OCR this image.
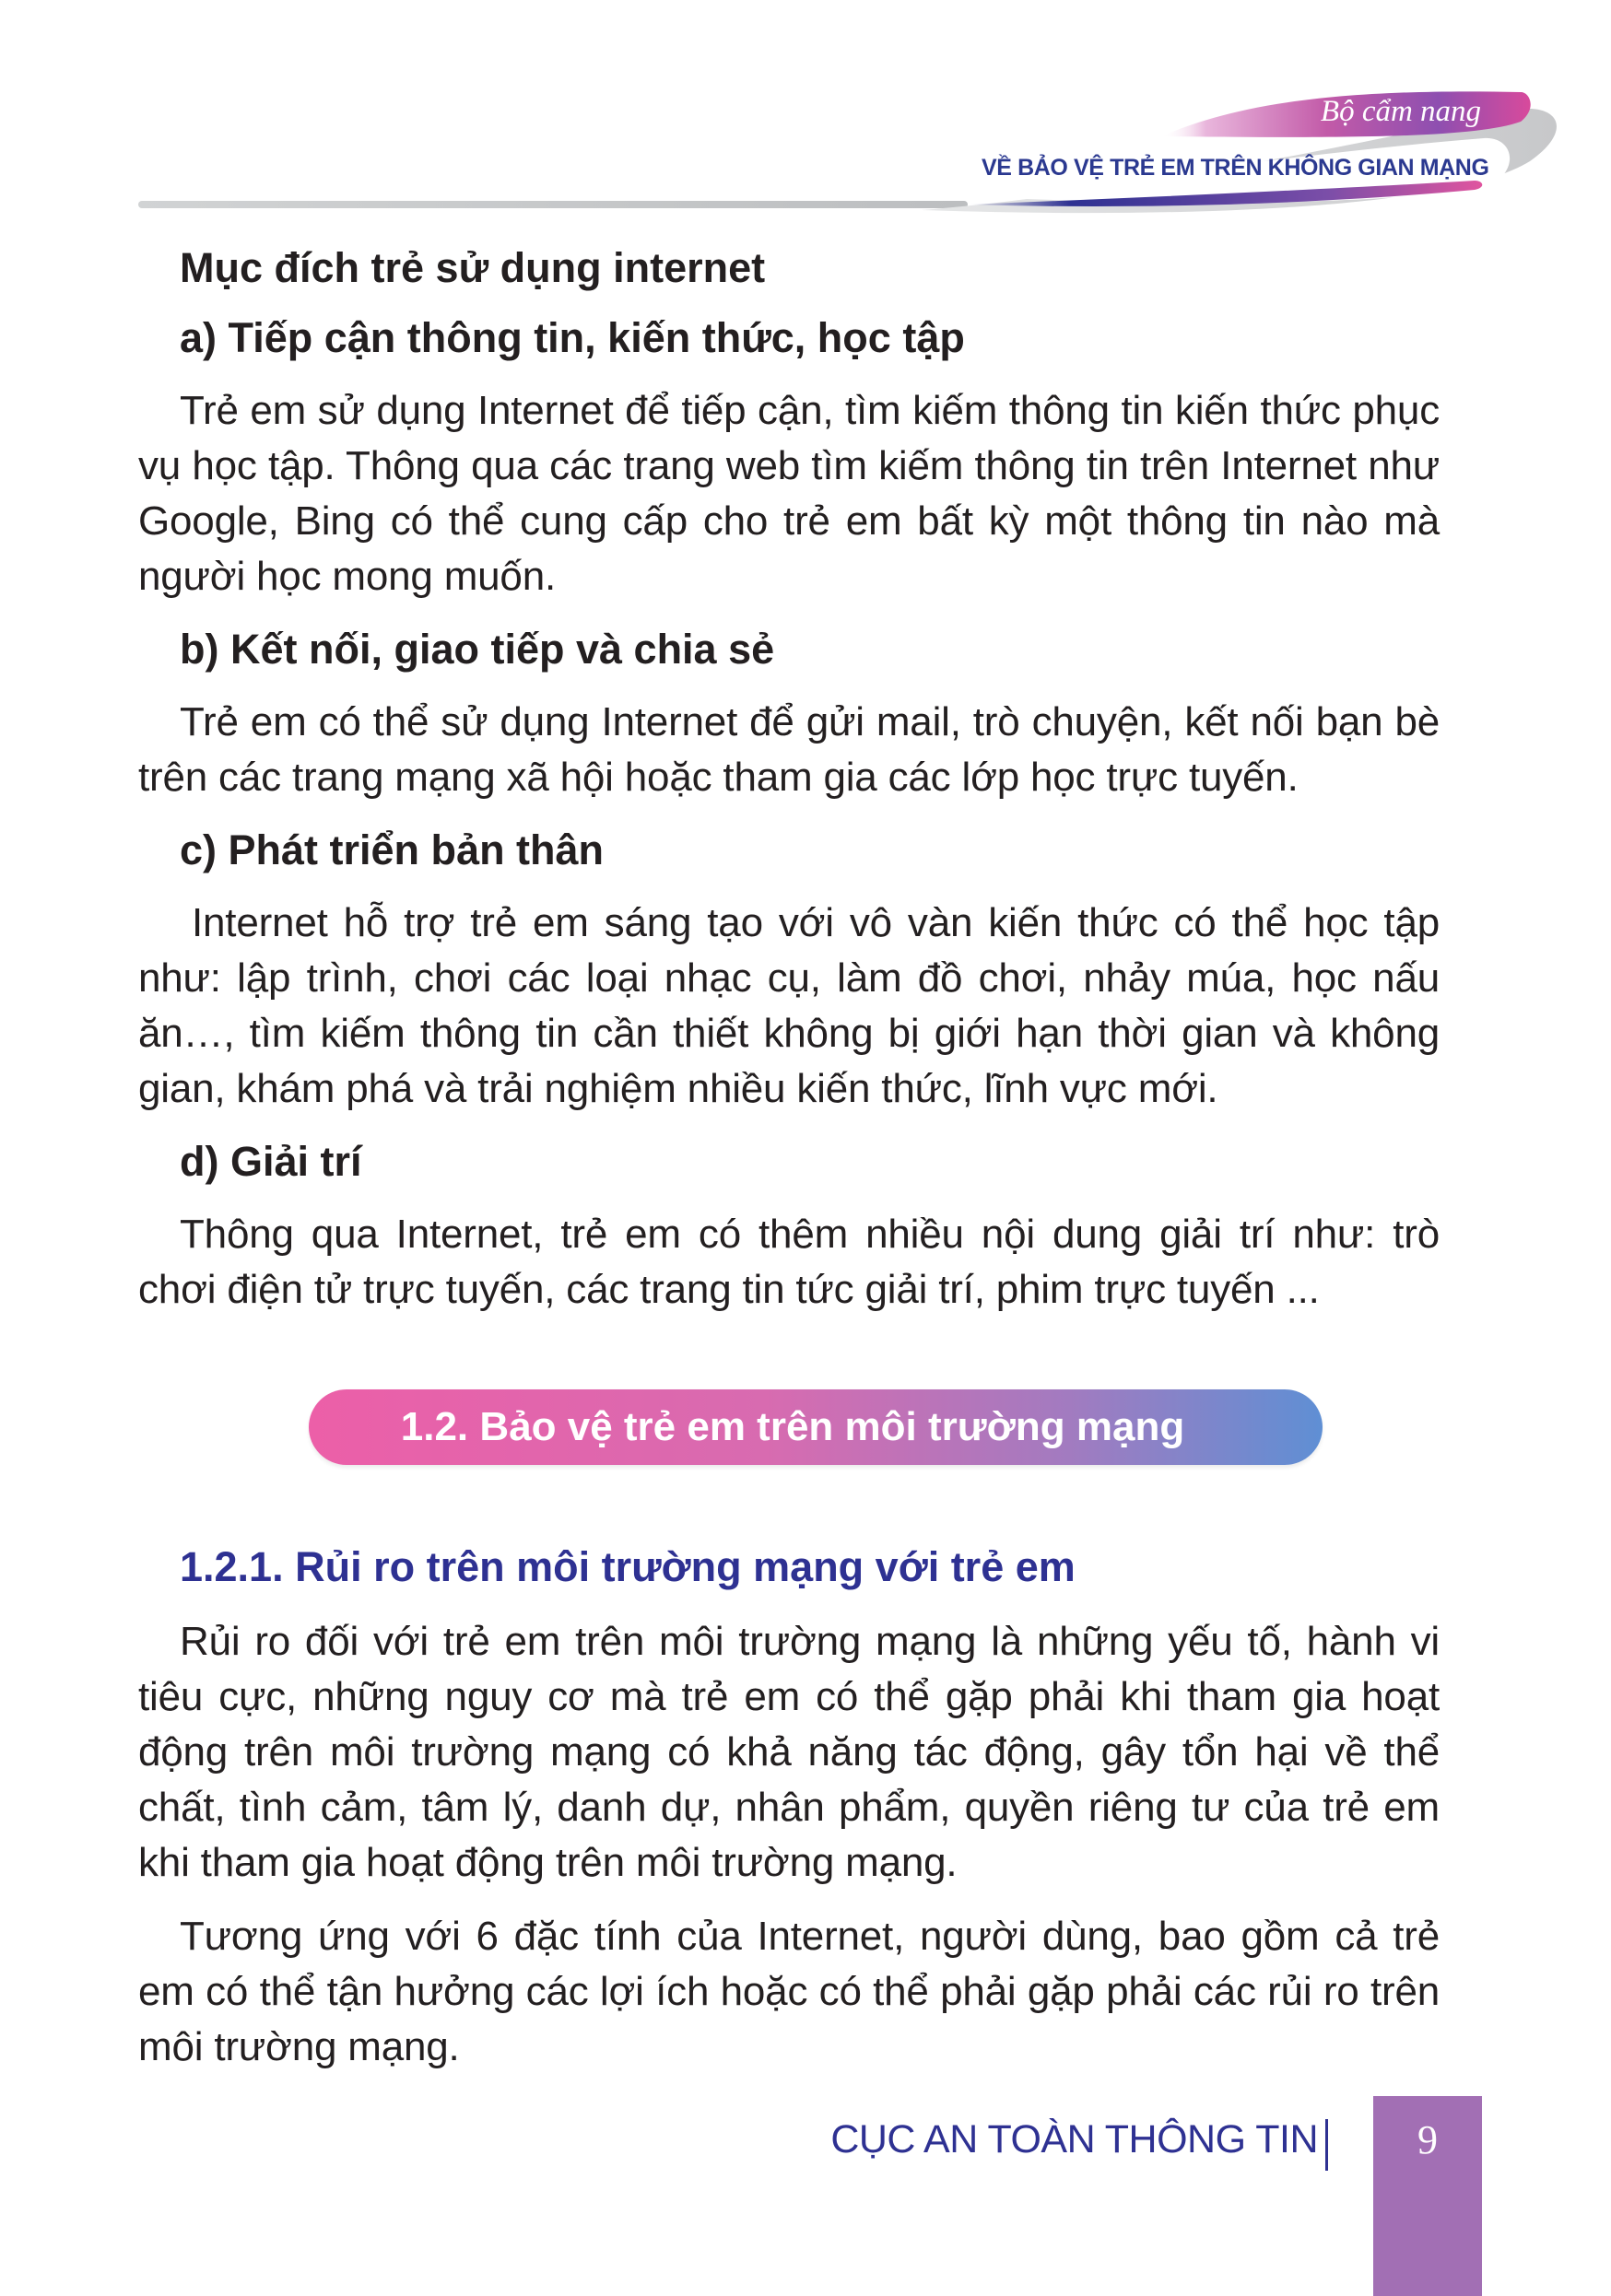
Bộ cẩm nang
VỀ BẢO VỆ TRẺ EM TRÊN KHÔNG GIAN MẠNG
Mục đích trẻ sử dụng internet
a) Tiếp cận thông tin, kiến thức, học tập

Trẻ em sử dụng Internet để tiếp cận, tìm kiếm thông tin kiến thức phục vụ học tập. Thông qua các trang web tìm kiếm thông tin trên Internet như Google, Bing có thể cung cấp cho trẻ em bất kỳ một thông tin nào mà người học mong muốn.

b) Kết nối, giao tiếp và chia sẻ

Trẻ em có thể sử dụng Internet để gửi mail, trò chuyện, kết nối bạn bè trên các trang mạng xã hội hoặc tham gia các lớp học trực tuyến.

c) Phát triển bản thân

Internet hỗ trợ trẻ em sáng tạo với vô vàn kiến thức có thể học tập như: lập trình, chơi các loại nhạc cụ, làm đồ chơi, nhảy múa, học nấu ăn…, tìm kiếm thông tin cần thiết không bị giới hạn thời gian và không gian, khám phá và trải nghiệm nhiều kiến thức, lĩnh vực mới.

d) Giải trí

Thông qua Internet, trẻ em có thêm nhiều nội dung giải trí như: trò chơi điện tử trực tuyến, các trang tin tức giải trí, phim trực tuyến ...

1.2. Bảo vệ trẻ em trên môi trường mạng
1.2.1. Rủi ro trên môi trường mạng với trẻ em

Rủi ro đối với trẻ em trên môi trường mạng là những yếu tố, hành vi tiêu cực, những nguy cơ mà trẻ em có thể gặp phải khi tham gia hoạt động trên môi trường mạng có khả năng tác động, gây tổn hại về thể chất, tình cảm, tâm lý, danh dự, nhân phẩm, quyền riêng tư của trẻ em khi tham gia hoạt động trên môi trường mạng.

Tương ứng với 6 đặc tính của Internet, người dùng, bao gồm cả trẻ em có thể tận hưởng các lợi ích hoặc có thể phải gặp phải các rủi ro trên môi trường mạng.

CỤC AN TOÀN THÔNG TIN	9
